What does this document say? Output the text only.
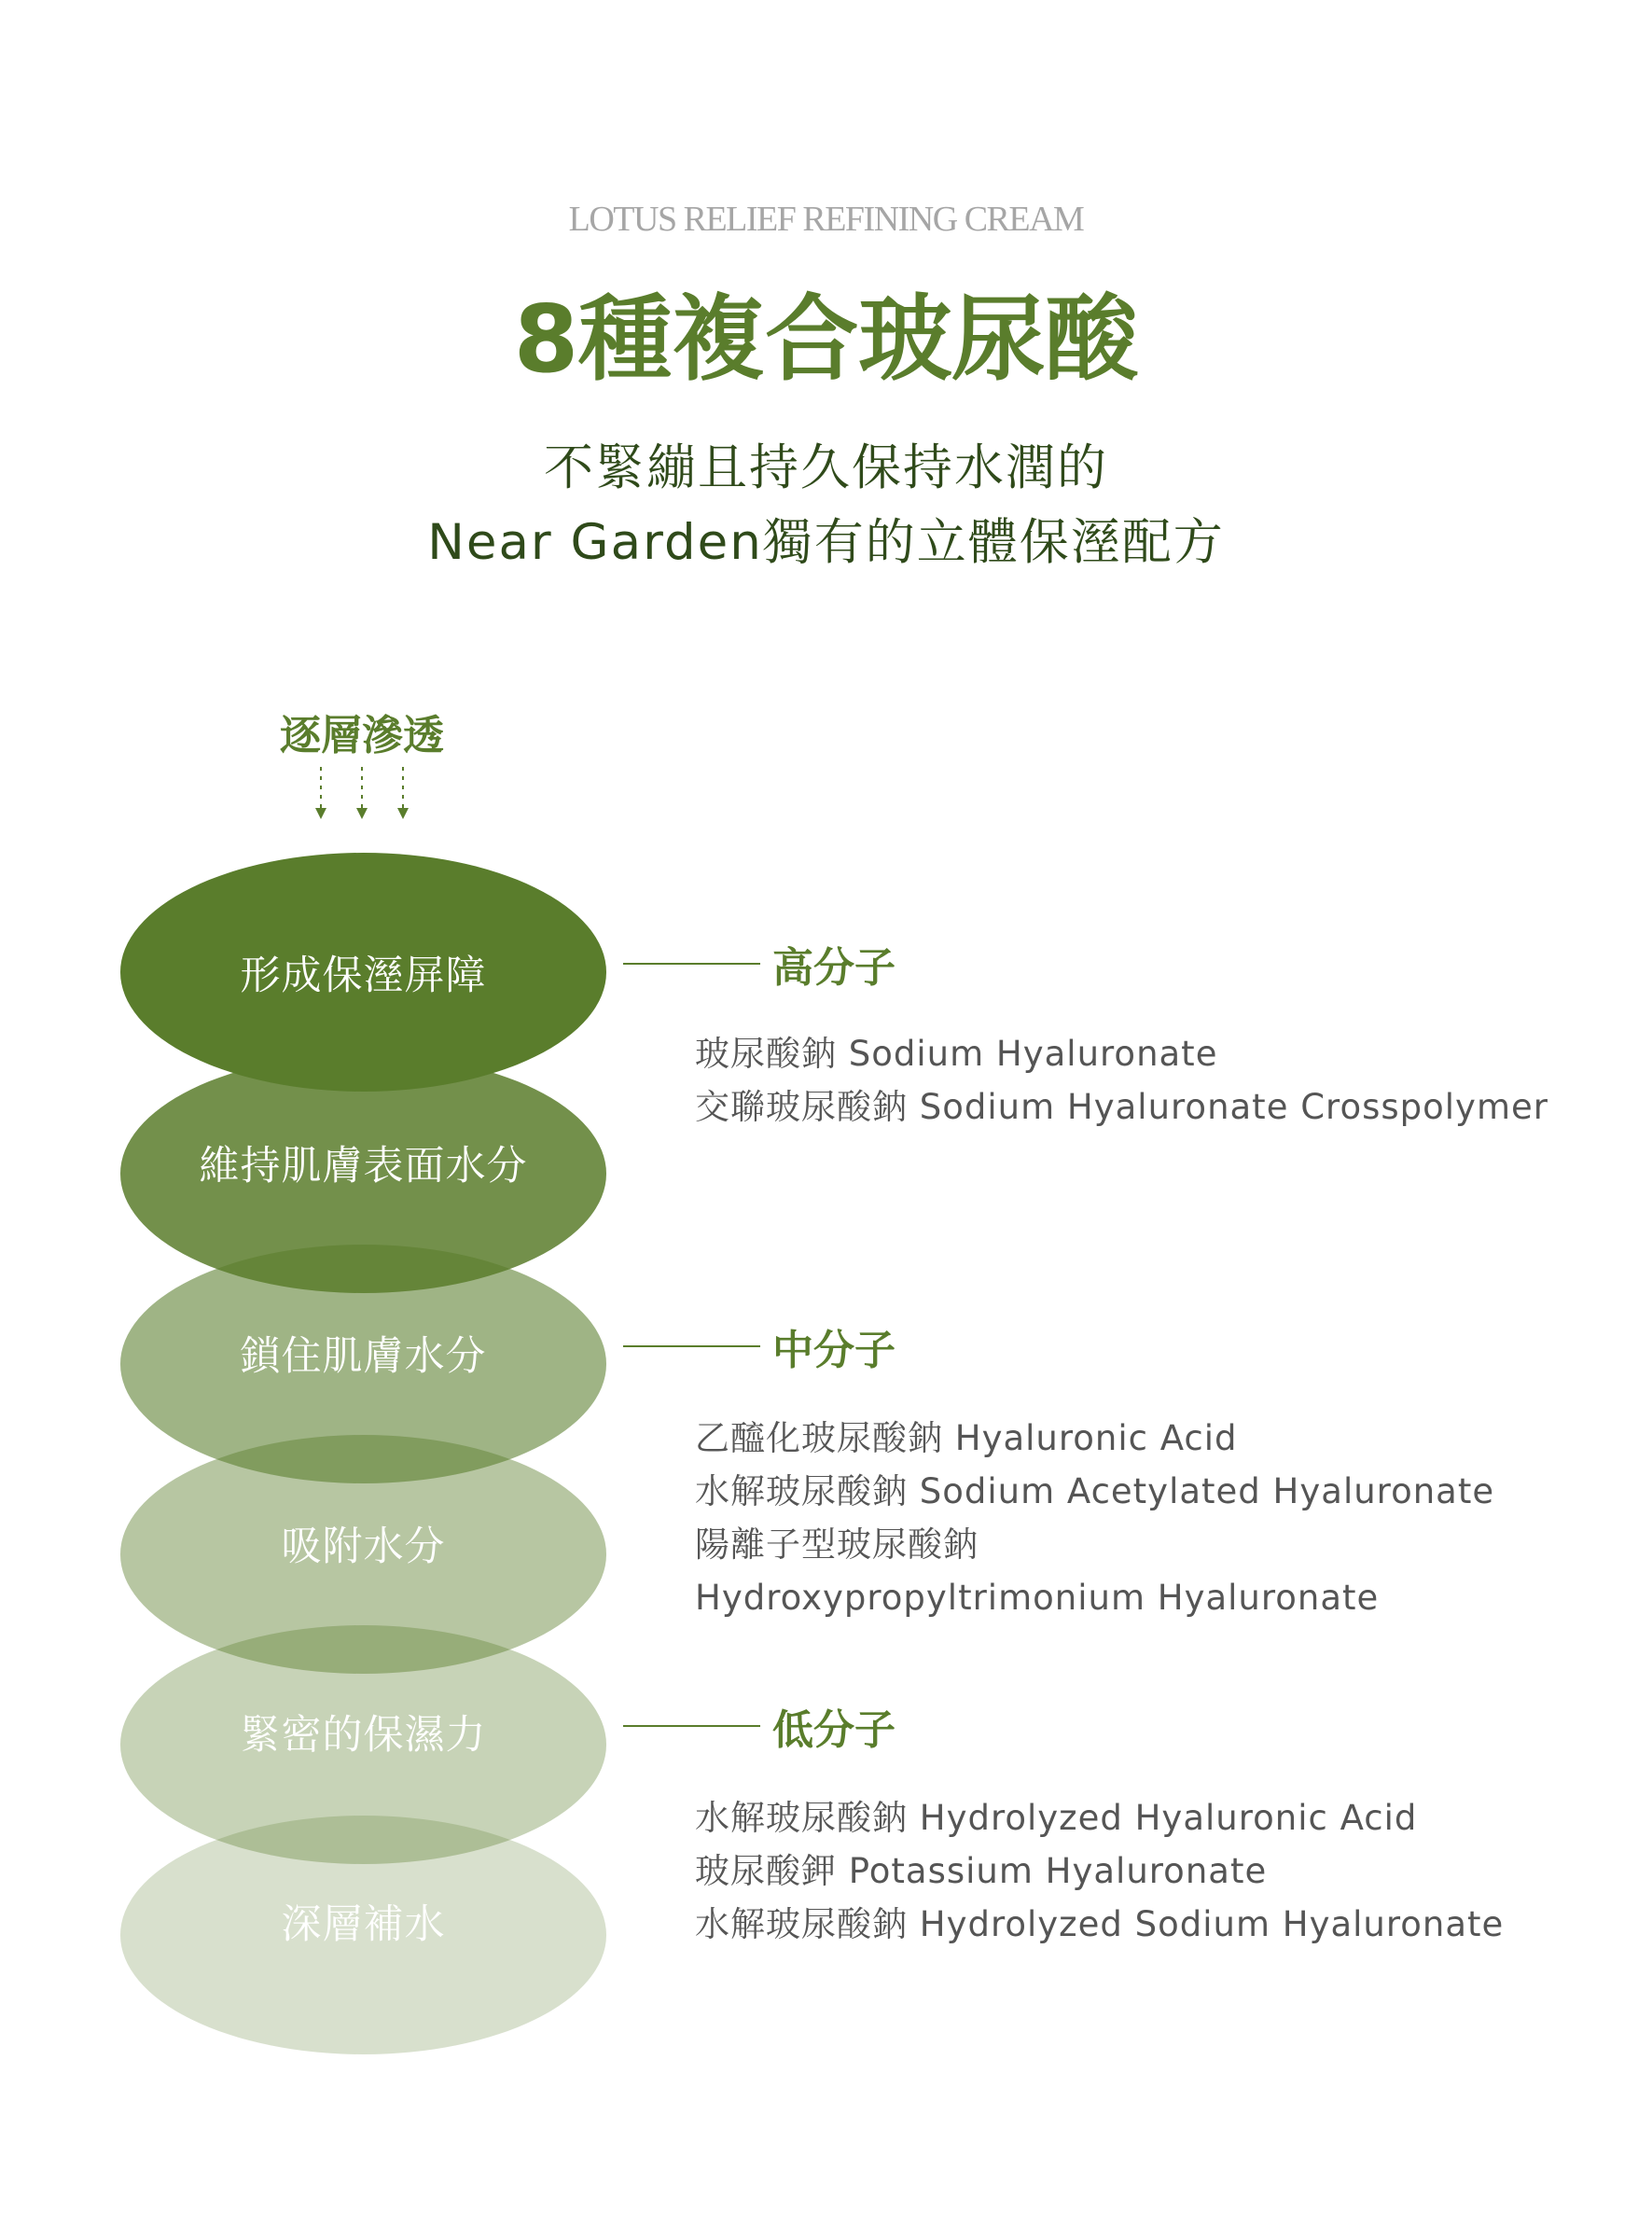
LOTUS RELIEF REFINING CREAM
8種複合玻尿酸
不緊繃且持久保持水潤的
Near Garden獨有的立體保溼配方
逐層滲透
形成保溼屏障
維持肌膚表面水分
鎖住肌膚水分
吸附水分
緊密的保濕力
深層補水
高分子
玻尿酸鈉 Sodium Hyaluronate
交聯玻尿酸鈉 Sodium Hyaluronate Crosspolymer
中分子
乙醯化玻尿酸鈉 Hyaluronic Acid
水解玻尿酸鈉 Sodium Acetylated Hyaluronate
陽離子型玻尿酸鈉
Hydroxypropyltrimonium Hyaluronate
低分子
水解玻尿酸鈉 Hydrolyzed Hyaluronic Acid
玻尿酸鉀 Potassium Hyaluronate
水解玻尿酸鈉 Hydrolyzed Sodium Hyaluronate
